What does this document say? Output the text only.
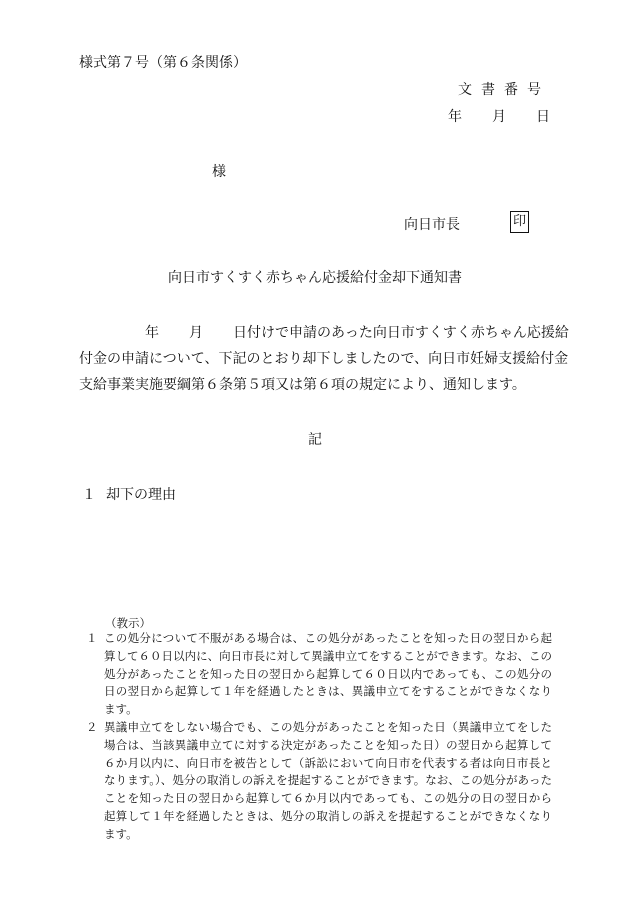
様式第７号（第６条関係）
文書番号
年 月 日
様
向日市長	印
向日市すくすく赤ちゃん応援給付金却下通知書
年 月 日付けで申請のあった向日市すくすく赤ちゃん応援給
付金の申請について、下記のとおり却下しましたので、向日市妊婦支援給付金
支給事業実施要綱第６条第５項又は第６項の規定により、通知します。
記
１ 却下の理由
（教示）
１ この処分について不服がある場合は、この処分があったことを知った日の翌日から起算して６０日以内に、向日市長に対して異議申立てをすることができます。なお、この処分があったことを知った日の翌日から起算して６０日以内であっても、この処分の日の翌日から起算して１年を経過したときは、異議申立てをすることができなくなります。
２ 異議申立てをしない場合でも、この処分があったことを知った日（異議申立てをした場合は、当該異議申立てに対する決定があったことを知った日）の翌日から起算して６か月以内に、向日市を被告として（訴訟において向日市を代表する者は向日市長となります。）、処分の取消しの訴えを提起することができます。なお、この処分があったことを知った日の翌日から起算して６か月以内であっても、この処分の日の翌日から起算して１年を経過したときは、処分の取消しの訴えを提起することができなくなります。
